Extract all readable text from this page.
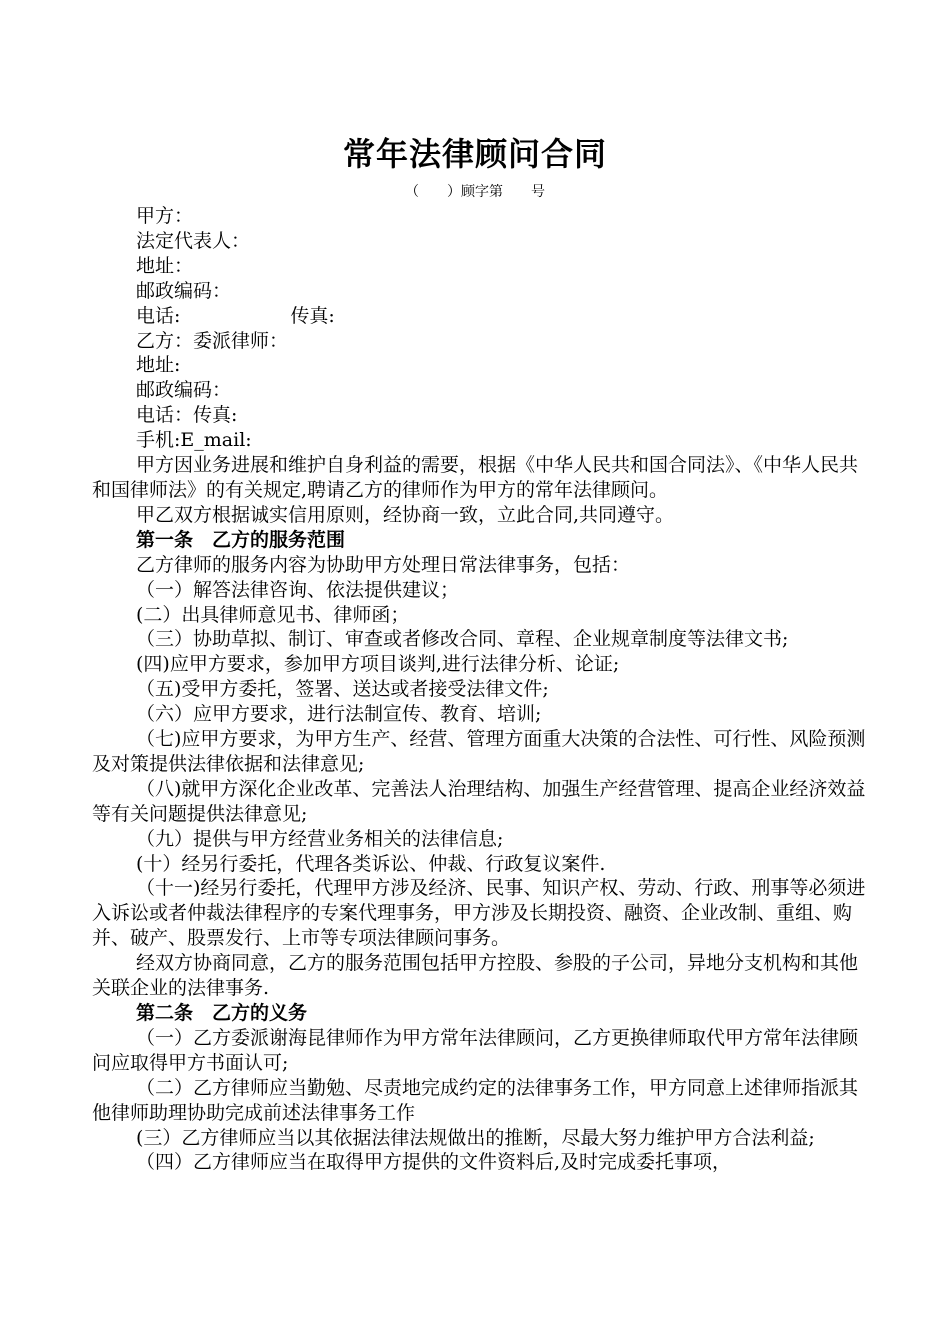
常年法律顾问合同
（　　）顾字第　　号

甲方：

法定代表人：

地址：

邮政编码：

电话:	传真:

乙方：委派律师：

地址:

邮政编码：

电话：传真:

手机:E_mail:

甲方因业务进展和维护自身利益的需要，根据《中华人民共和国合同法》、《中华人民共和国律师法》的有关规定,聘请乙方的律师作为甲方的常年法律顾问。

甲乙双方根据诚实信用原则，经协商一致，立此合同,共同遵守。

第一条　乙方的服务范围

乙方律师的服务内容为协助甲方处理日常法律事务，包括：

（一）解答法律咨询、依法提供建议；

(二）出具律师意见书、律师函；

（三）协助草拟、制订、审查或者修改合同、章程、企业规章制度等法律文书;

(四)应甲方要求，参加甲方项目谈判,进行法律分析、论证;

（五)受甲方委托，签署、送达或者接受法律文件;

（六）应甲方要求，进行法制宣传、教育、培训;

（七)应甲方要求，为甲方生产、经营、管理方面重大决策的合法性、可行性、风险预测及对策提供法律依据和法律意见;

（八)就甲方深化企业改革、完善法人治理结构、加强生产经营管理、提高企业经济效益等有关问题提供法律意见;

（九）提供与甲方经营业务相关的法律信息;

(十）经另行委托，代理各类诉讼、仲裁、行政复议案件.

（十一)经另行委托，代理甲方涉及经济、民事、知识产权、劳动、行政、刑事等必须进入诉讼或者仲裁法律程序的专案代理事务，甲方涉及长期投资、融资、企业改制、重组、购并、破产、股票发行、上市等专项法律顾问事务。

经双方协商同意，乙方的服务范围包括甲方控股、参股的子公司，异地分支机构和其他关联企业的法律事务.

第二条　乙方的义务

（一）乙方委派谢海昆律师作为甲方常年法律顾问，乙方更换律师取代甲方常年法律顾问应取得甲方书面认可;

（二）乙方律师应当勤勉、尽责地完成约定的法律事务工作，甲方同意上述律师指派其他律师助理协助完成前述法律事务工作

(三）乙方律师应当以其依据法律法规做出的推断，尽最大努力维护甲方合法利益;

（四）乙方律师应当在取得甲方提供的文件资料后,及时完成委托事项，
